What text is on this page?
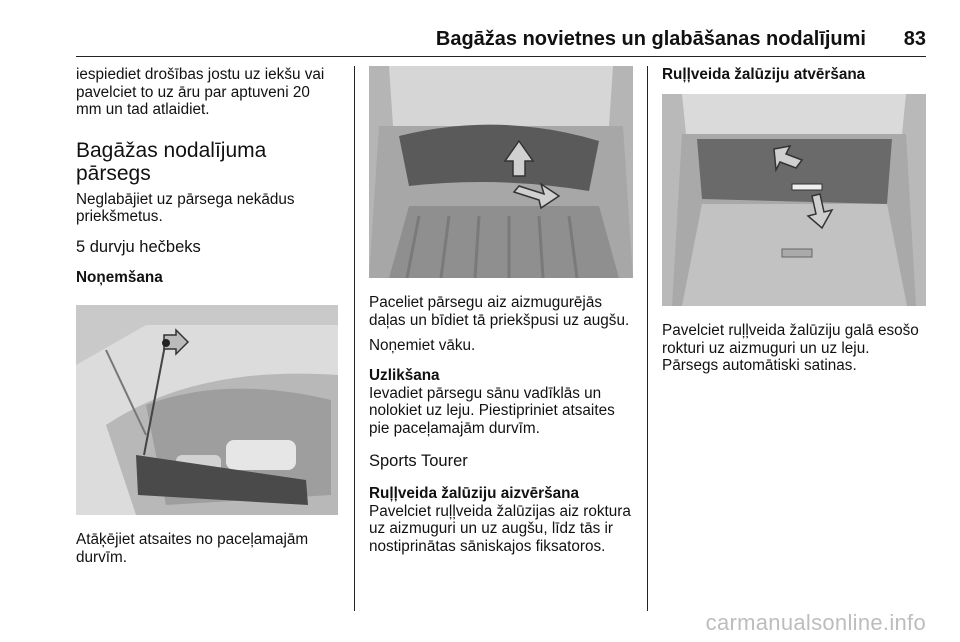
Bagāžas novietnes un glabāšanas nodalījumi 83

iespiediet drošības jostu uz iekšu vai pavelciet to uz āru par aptuveni 20 mm un tad atlaidiet.

Bagāžas nodalījuma pārsegs

Neglabājiet uz pārsega nekādus priekšmetus.

5 durvju hečbeks
Noņemšana

Atāķējiet atsaites no paceļamajām durvīm.

Paceliet pārsegu aiz aizmugurējās daļas un bīdiet tā priekšpusi uz augšu.

Noņemiet vāku.

Uzlikšana

Ievadiet pārsegu sānu vadīklās un nolokiet uz leju. Piestipriniet atsaites pie paceļamajām durvīm.

Sports Tourer
Ruļļveida žalūziju aizvēršana

Pavelciet ruļļveida žalūzijas aiz roktura uz aizmuguri un uz augšu, līdz tās ir nostiprinātas sāniskajos fiksatoros.

Ruļļveida žalūziju atvēršana

Pavelciet ruļļveida žalūziju galā esošo rokturi uz aizmuguri un uz leju. Pārsegs automātiski satinas.

carmanualsonline.info
